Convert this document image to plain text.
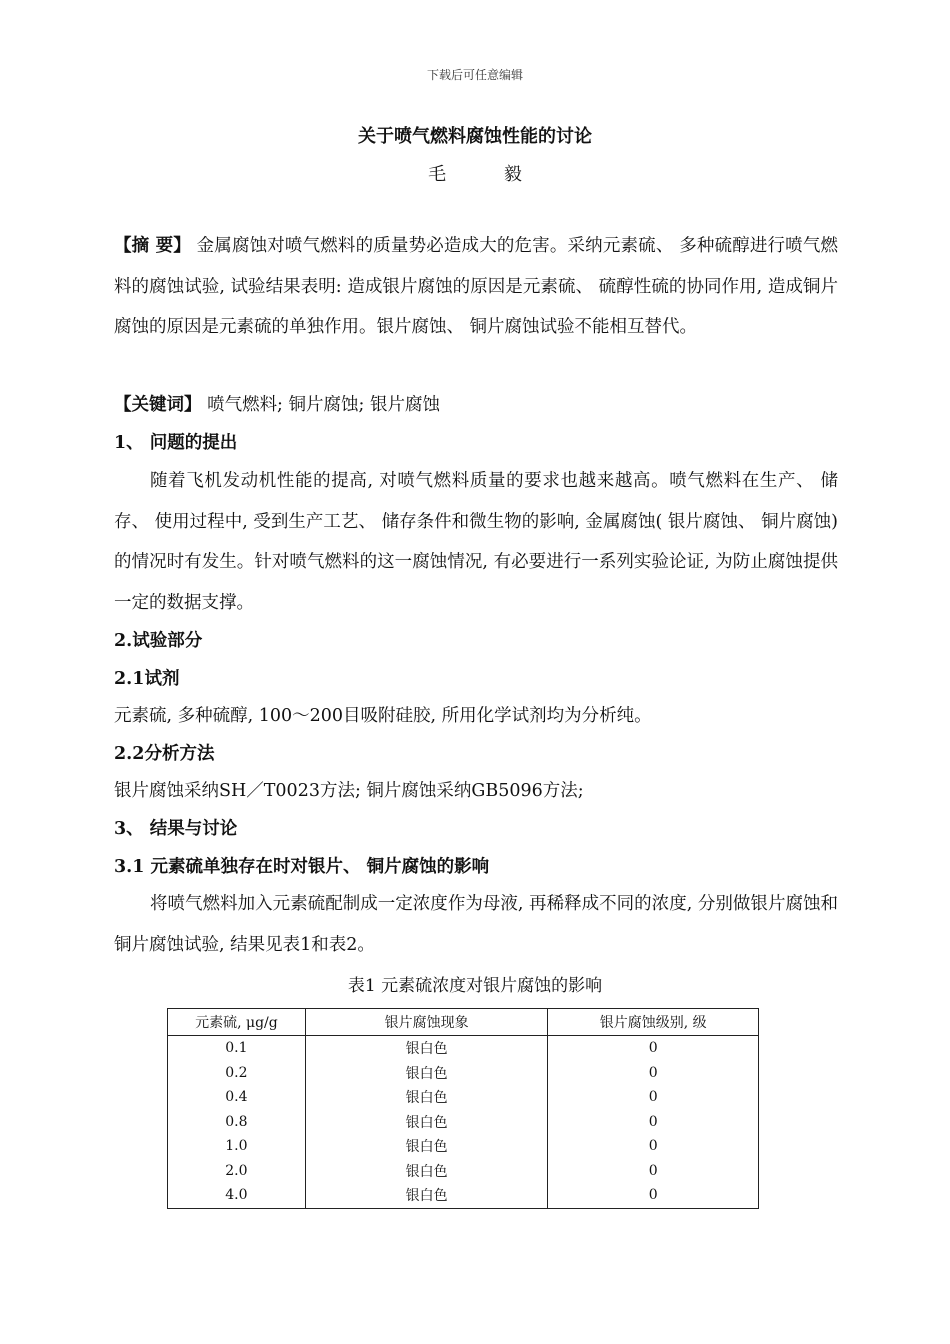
下载后可任意编辑
关于喷气燃料腐蚀性能的讨论
毛 毅
【摘 要】 金属腐蚀对喷气燃料的质量势必造成大的危害。采纳元素硫、 多种硫醇进行喷气燃料的腐蚀试验, 试验结果表明: 造成银片腐蚀的原因是元素硫、 硫醇性硫的协同作用, 造成铜片腐蚀的原因是元素硫的单独作用。银片腐蚀、 铜片腐蚀试验不能相互替代。
【关键词】 喷气燃料; 铜片腐蚀; 银片腐蚀
1、 问题的提出
随着飞机发动机性能的提高, 对喷气燃料质量的要求也越来越高。喷气燃料在生产、 储存、 使用过程中, 受到生产工艺、 储存条件和微生物的影响, 金属腐蚀( 银片腐蚀、 铜片腐蚀) 的情况时有发生。针对喷气燃料的这一腐蚀情况, 有必要进行一系列实验论证, 为防止腐蚀提供一定的数据支撑。
2.试验部分
2.1试剂
元素硫, 多种硫醇, 100～200目吸附硅胶, 所用化学试剂均为分析纯。
2.2分析方法
银片腐蚀采纳SH／T0023方法; 铜片腐蚀采纳GB5096方法;
3、 结果与讨论
3.1 元素硫单独存在时对银片、 铜片腐蚀的影响
将喷气燃料加入元素硫配制成一定浓度作为母液, 再稀释成不同的浓度, 分别做银片腐蚀和铜片腐蚀试验, 结果见表1和表2。
表1 元素硫浓度对银片腐蚀的影响
元素硫, μg/g	银片腐蚀现象	银片腐蚀级别, 级
0.1	银白色	0
0.2	银白色	0
0.4	银白色	0
0.8	银白色	0
1.0	银白色	0
2.0	银白色	0
4.0	银白色	0
